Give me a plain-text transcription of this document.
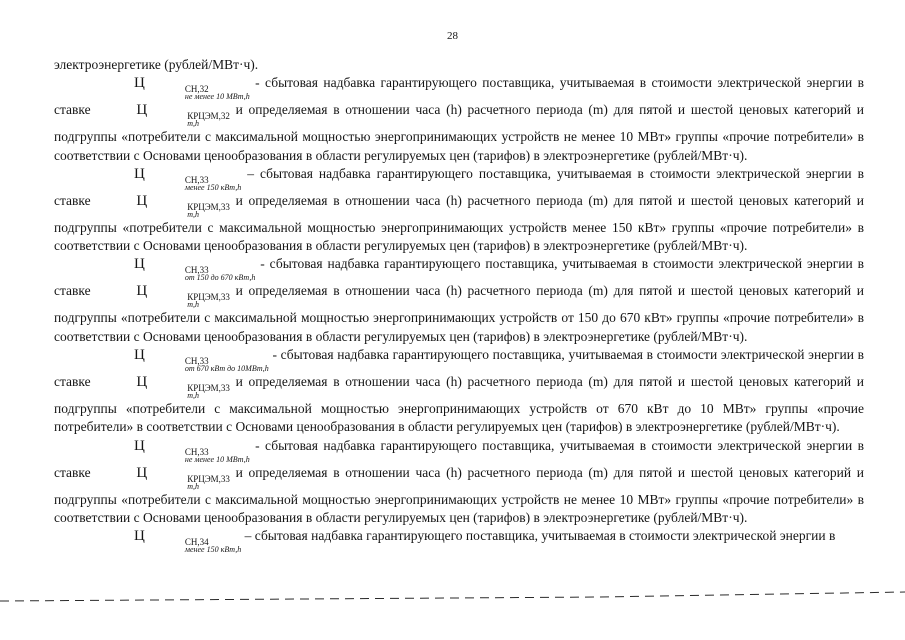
28

электроэнергетике (рублей/МВт·ч).

Ц	СН,32
не менее 10 МВт,h
- сбытовая надбавка гарантирующего поставщика, учитываемая в стоимости электрической энергии в ставке	Ц	КРЦЭМ,32
m,h
и определяемая в отношении часа (h) расчетного периода (m) для пятой и шестой ценовых категорий и подгруппы «потребители с максимальной мощностью энергопринимающих устройств не менее 10 МВт» группы «прочие потребители» в соответствии с Основами ценообразования в области регулируемых цен (тарифов) в электроэнергетике (рублей/МВт·ч).

Ц	СН,33
менее 150 кВт,h
– сбытовая надбавка гарантирующего поставщика, учитываемая в стоимости электрической энергии в ставке	Ц	КРЦЭМ,33
m,h
и определяемая в отношении часа (h) расчетного периода (m) для пятой и шестой ценовых категорий и подгруппы «потребители с максимальной мощностью энергопринимающих устройств менее 150 кВт» группы «прочие потребители» в соответствии с Основами ценообразования в области регулируемых цен (тарифов) в электроэнергетике (рублей/МВт·ч).

Ц	СН,33
от 150 до 670 кВт,h
- сбытовая надбавка гарантирующего поставщика, учитываемая в стоимости электрической энергии в ставке	Ц	КРЦЭМ,33
m,h
и определяемая в отношении часа (h) расчетного периода (m) для пятой и шестой ценовых категорий и подгруппы «потребители с максимальной мощностью энергопринимающих устройств от 150 до 670 кВт» группы «прочие потребители» в соответствии с Основами ценообразования в области регулируемых цен (тарифов) в электроэнергетике (рублей/МВт·ч).

Ц	СН,33
от 670 кВт до 10МВт,h
- сбытовая надбавка гарантирующего поставщика, учитываемая в стоимости электрической энергии в ставке	Ц	КРЦЭМ,33
m,h
и определяемая в отношении часа (h) расчетного периода (m) для пятой и шестой ценовых категорий и подгруппы «потребители с максимальной мощностью энергопринимающих устройств от 670 кВт до 10 МВт» группы «прочие потребители» в соответствии с Основами ценообразования в области регулируемых цен (тарифов) в электроэнергетике (рублей/МВт·ч).

Ц	СН,33
не менее 10 МВт,h
- сбытовая надбавка гарантирующего поставщика, учитываемая в стоимости электрической энергии в ставке	Ц	КРЦЭМ,33
m,h
и определяемая в отношении часа (h) расчетного периода (m) для пятой и шестой ценовых категорий и подгруппы «потребители с максимальной мощностью энергопринимающих устройств не менее 10 МВт» группы «прочие потребители» в соответствии с Основами ценообразования в области регулируемых цен (тарифов) в электроэнергетике (рублей/МВт·ч).

Ц	СН,34
менее 150 кВт,h
– сбытовая надбавка гарантирующего поставщика, учитываемая в стоимости электрической энергии в
